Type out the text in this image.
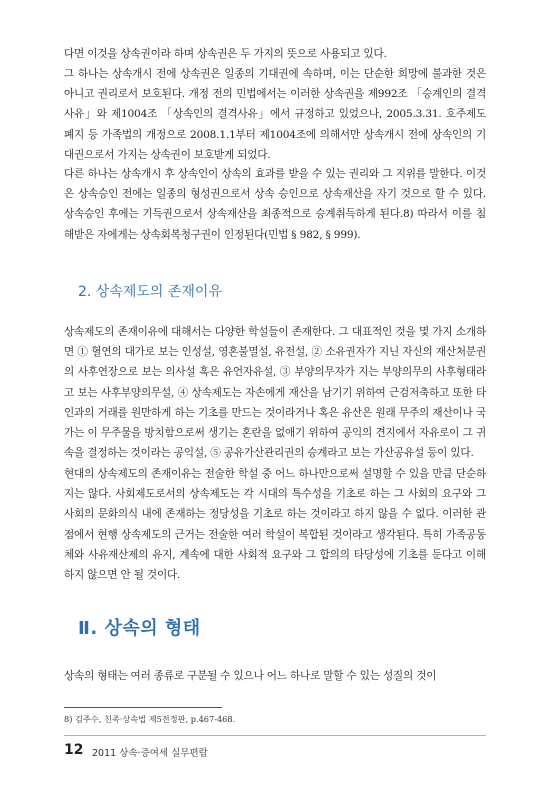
다면 이것을 상속권이라 하며 상속권은 두 가지의 뜻으로 사용되고 있다.

그 하나는 상속개시 전에 상속권은 일종의 기대권에 속하며, 이는 단순한 희망에 불과한 것은 아니고 권리로서 보호된다. 개정 전의 민법에서는 이러한 상속권을 제992조 「승계인의 결격사유」와 제1004조 「상속인의 결격사유」에서 규정하고 있었으나, 2005.3.31. 호주제도 폐지 등 가족법의 개정으로 2008.1.1부터 제1004조에 의해서만 상속개시 전에 상속인의 기대권으로서 가지는 상속권이 보호받게 되었다.

다른 하나는 상속개시 후 상속인이 상속의 효과를 받을 수 있는 권리와 그 지위를 말한다. 이것은 상속승인 전에는 일종의 형성권으로서 상속 승인으로 상속재산을 자기 것으로 할 수 있다. 상속승인 후에는 기득권으로서 상속재산을 최종적으로 승계취득하게 된다.8) 따라서 이를 침해받은 자에게는 상속회복청구권이 인정된다(민법 § 982, § 999).

2. 상속제도의 존재이유

상속제도의 존재이유에 대해서는 다양한 학설들이 존재한다. 그 대표적인 것을 몇 가지 소개하면 ① 혈연의 대가로 보는 인성설, 영혼불멸설, 유전설, ② 소유권자가 지닌 자신의 재산처분권의 사후연장으로 보는 의사설 혹은 유언자유설, ③ 부양의무자가 지는 부양의무의 사후형태라고 보는 사후부양의무설, ④ 상속제도는 자손에게 재산을 남기기 위하여 근검저축하고 또한 타인과의 거래를 원만하게 하는 기초를 만드는 것이라거나 혹은 유산은 원래 무주의 재산이나 국가는 이 무주물을 방치함으로써 생기는 혼란을 없애기 위하여 공익의 견지에서 자유로이 그 귀속을 결정하는 것이라는 공익설, ⑤ 공유가산관리권의 승계라고 보는 가산공유설 등이 있다.

현대의 상속제도의 존재이유는 전술한 학설 중 어느 하나만으로써 설명할 수 있을 만큼 단순하지는 않다. 사회제도로서의 상속제도는 각 시대의 특수성을 기초로 하는 그 사회의 요구와 그 사회의 문화의식 내에 존재하는 정당성을 기초로 하는 것이라고 하지 않을 수 없다. 이러한 관점에서 현행 상속제도의 근거는 전술한 여러 학설이 복합된 것이라고 생각된다. 특히 가족공동체와 사유재산제의 유지, 계속에 대한 사회적 요구와 그 합의의 타당성에 기초를 둔다고 이해하지 않으면 안 될 것이다.

Ⅱ. 상속의 형태

상속의 형태는 여러 종류로 구분될 수 있으나 어느 하나로 말할 수 있는 성질의 것이

8) 김주수, 친족·상속법 제5전정판, p.467-468.

12 2011 상속·증여세 실무편람
